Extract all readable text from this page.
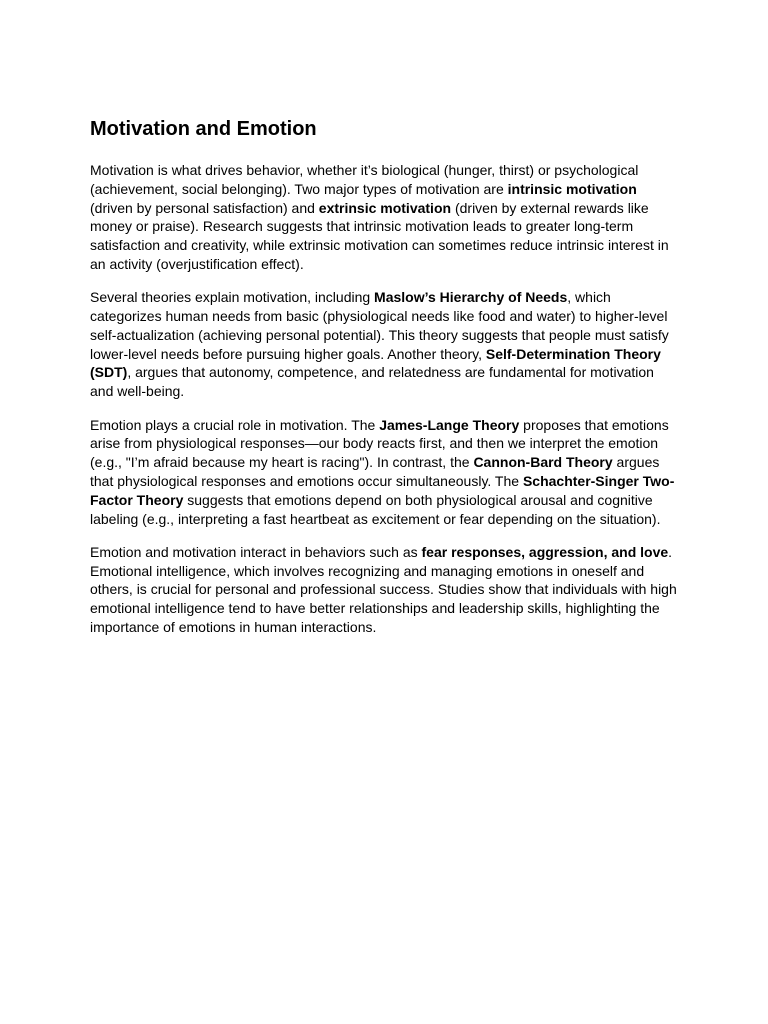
Motivation and Emotion

Motivation is what drives behavior, whether it’s biological (hunger, thirst) or psychological (achievement, social belonging). Two major types of motivation are intrinsic motivation (driven by personal satisfaction) and extrinsic motivation (driven by external rewards like money or praise). Research suggests that intrinsic motivation leads to greater long-term satisfaction and creativity, while extrinsic motivation can sometimes reduce intrinsic interest in an activity (overjustification effect).

Several theories explain motivation, including Maslow’s Hierarchy of Needs, which categorizes human needs from basic (physiological needs like food and water) to higher-level self-actualization (achieving personal potential). This theory suggests that people must satisfy lower-level needs before pursuing higher goals. Another theory, Self-Determination Theory (SDT), argues that autonomy, competence, and relatedness are fundamental for motivation and well-being.

Emotion plays a crucial role in motivation. The James-Lange Theory proposes that emotions arise from physiological responses—our body reacts first, and then we interpret the emotion (e.g., "I’m afraid because my heart is racing"). In contrast, the Cannon-Bard Theory argues that physiological responses and emotions occur simultaneously. The Schachter-Singer Two-Factor Theory suggests that emotions depend on both physiological arousal and cognitive labeling (e.g., interpreting a fast heartbeat as excitement or fear depending on the situation).

Emotion and motivation interact in behaviors such as fear responses, aggression, and love. Emotional intelligence, which involves recognizing and managing emotions in oneself and others, is crucial for personal and professional success. Studies show that individuals with high emotional intelligence tend to have better relationships and leadership skills, highlighting the importance of emotions in human interactions.
